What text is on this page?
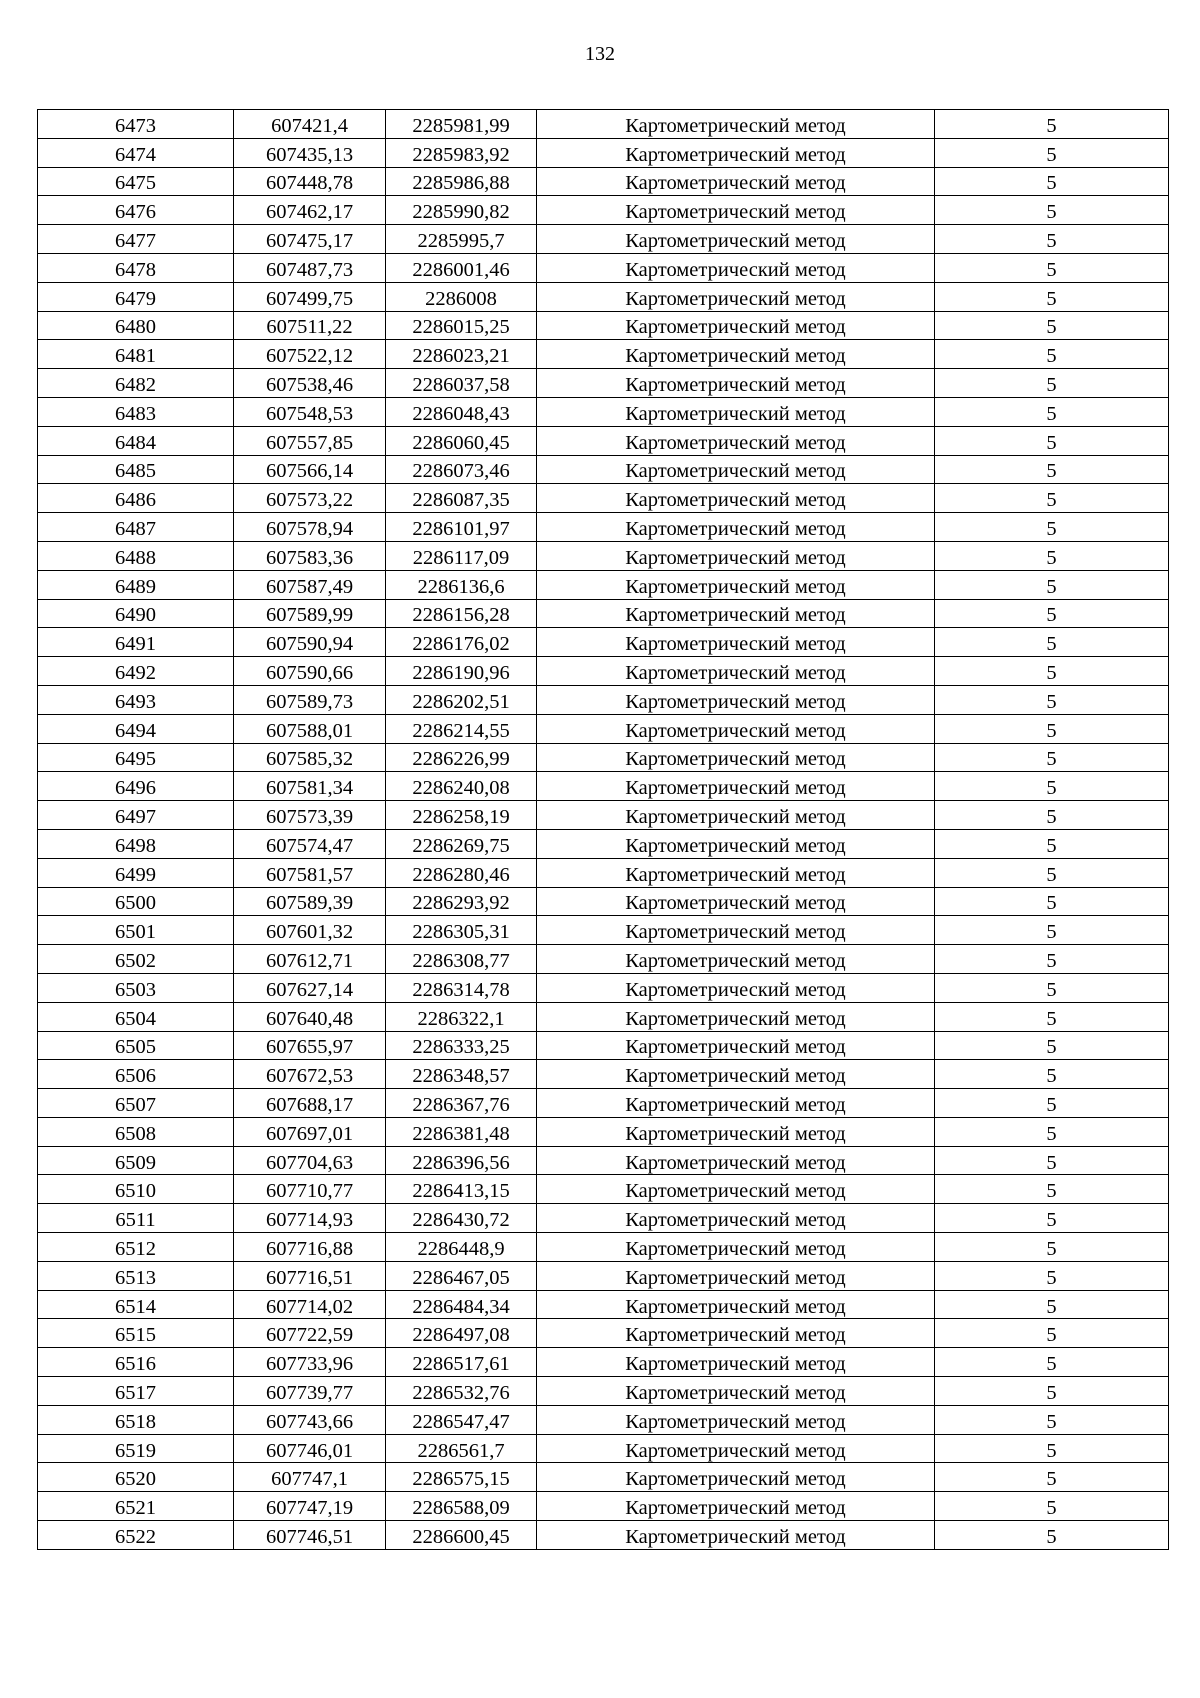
132
6473	607421,4	2285981,99	Картометрический метод	5
6474	607435,13	2285983,92	Картометрический метод	5
6475	607448,78	2285986,88	Картометрический метод	5
6476	607462,17	2285990,82	Картометрический метод	5
6477	607475,17	2285995,7	Картометрический метод	5
6478	607487,73	2286001,46	Картометрический метод	5
6479	607499,75	2286008	Картометрический метод	5
6480	607511,22	2286015,25	Картометрический метод	5
6481	607522,12	2286023,21	Картометрический метод	5
6482	607538,46	2286037,58	Картометрический метод	5
6483	607548,53	2286048,43	Картометрический метод	5
6484	607557,85	2286060,45	Картометрический метод	5
6485	607566,14	2286073,46	Картометрический метод	5
6486	607573,22	2286087,35	Картометрический метод	5
6487	607578,94	2286101,97	Картометрический метод	5
6488	607583,36	2286117,09	Картометрический метод	5
6489	607587,49	2286136,6	Картометрический метод	5
6490	607589,99	2286156,28	Картометрический метод	5
6491	607590,94	2286176,02	Картометрический метод	5
6492	607590,66	2286190,96	Картометрический метод	5
6493	607589,73	2286202,51	Картометрический метод	5
6494	607588,01	2286214,55	Картометрический метод	5
6495	607585,32	2286226,99	Картометрический метод	5
6496	607581,34	2286240,08	Картометрический метод	5
6497	607573,39	2286258,19	Картометрический метод	5
6498	607574,47	2286269,75	Картометрический метод	5
6499	607581,57	2286280,46	Картометрический метод	5
6500	607589,39	2286293,92	Картометрический метод	5
6501	607601,32	2286305,31	Картометрический метод	5
6502	607612,71	2286308,77	Картометрический метод	5
6503	607627,14	2286314,78	Картометрический метод	5
6504	607640,48	2286322,1	Картометрический метод	5
6505	607655,97	2286333,25	Картометрический метод	5
6506	607672,53	2286348,57	Картометрический метод	5
6507	607688,17	2286367,76	Картометрический метод	5
6508	607697,01	2286381,48	Картометрический метод	5
6509	607704,63	2286396,56	Картометрический метод	5
6510	607710,77	2286413,15	Картометрический метод	5
6511	607714,93	2286430,72	Картометрический метод	5
6512	607716,88	2286448,9	Картометрический метод	5
6513	607716,51	2286467,05	Картометрический метод	5
6514	607714,02	2286484,34	Картометрический метод	5
6515	607722,59	2286497,08	Картометрический метод	5
6516	607733,96	2286517,61	Картометрический метод	5
6517	607739,77	2286532,76	Картометрический метод	5
6518	607743,66	2286547,47	Картометрический метод	5
6519	607746,01	2286561,7	Картометрический метод	5
6520	607747,1	2286575,15	Картометрический метод	5
6521	607747,19	2286588,09	Картометрический метод	5
6522	607746,51	2286600,45	Картометрический метод	5
